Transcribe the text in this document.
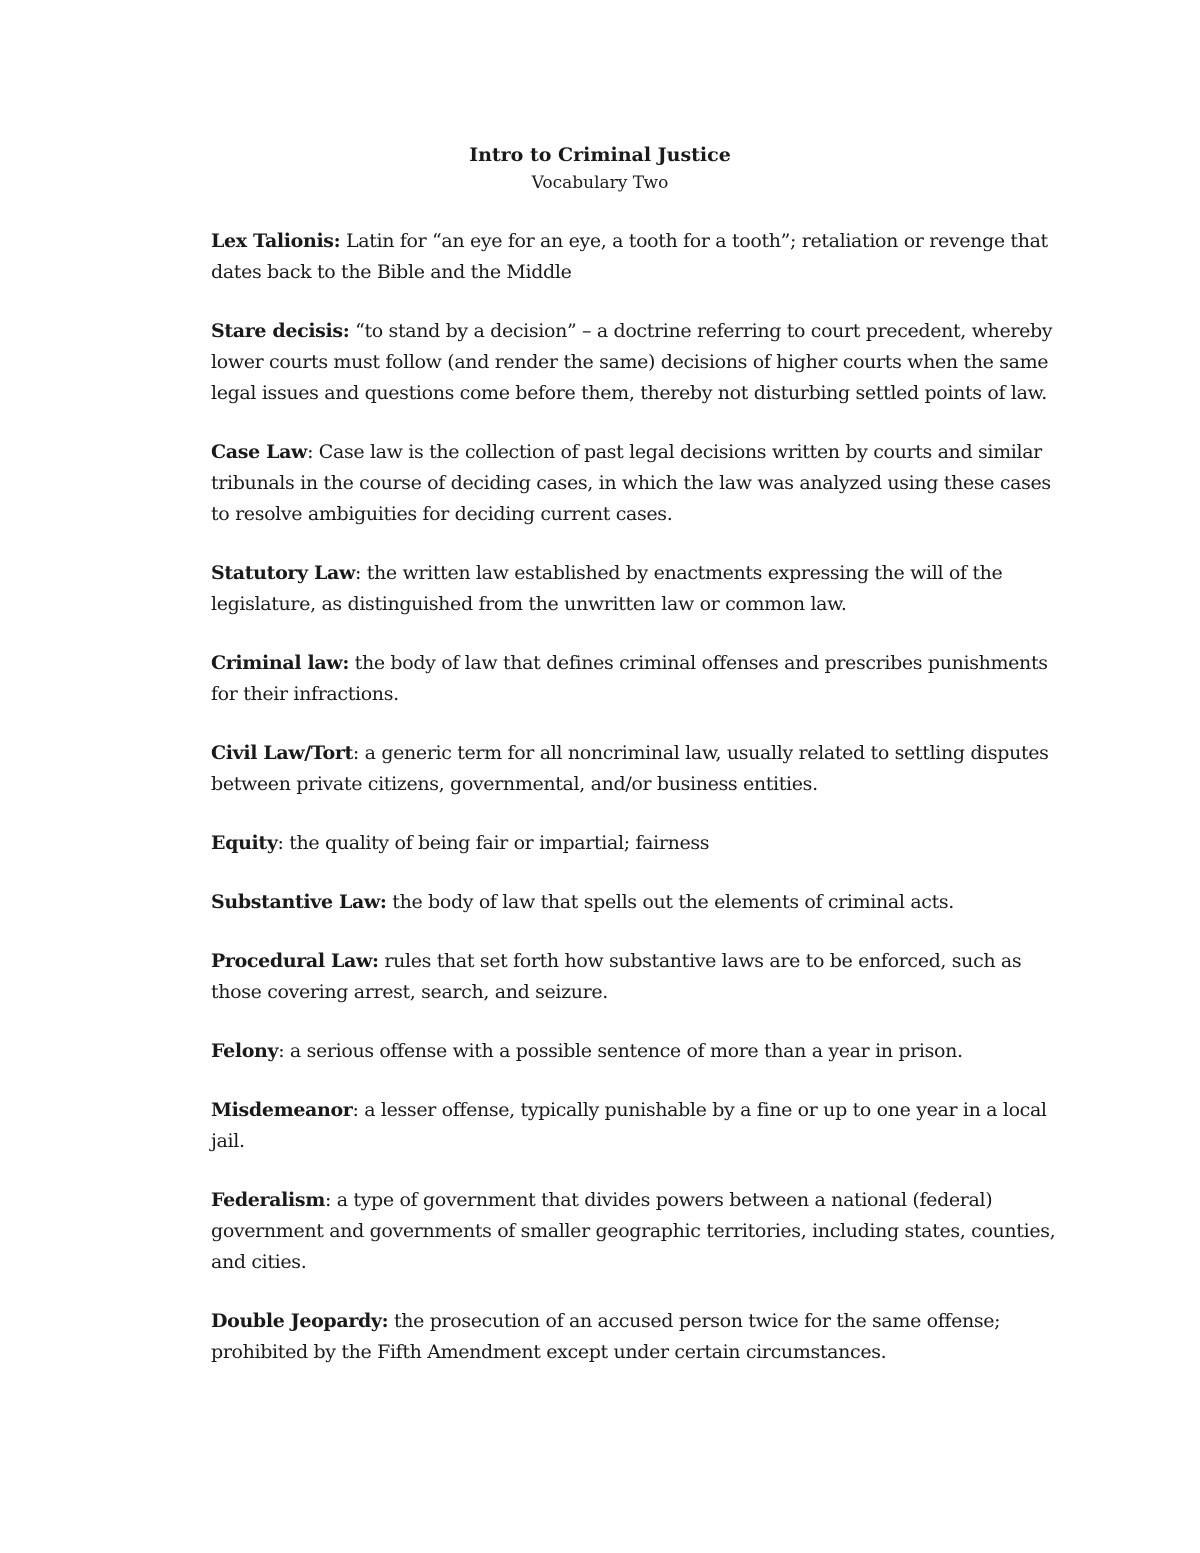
Intro to Criminal Justice

Vocabulary Two

Lex Talionis: Latin for “an eye for an eye, a tooth for a tooth”; retaliation or revenge that dates back to the Bible and the Middle

Stare decisis: “to stand by a decision” – a doctrine referring to court precedent, whereby lower courts must follow (and render the same) decisions of higher courts when the same legal issues and questions come before them, thereby not disturbing settled points of law.

Case Law: Case law is the collection of past legal decisions written by courts and similar tribunals in the course of deciding cases, in which the law was analyzed using these cases to resolve ambiguities for deciding current cases.

Statutory Law: the written law established by enactments expressing the will of the legislature, as distinguished from the unwritten law or common law.

Criminal law: the body of law that defines criminal offenses and prescribes punishments for their infractions.

Civil Law/Tort: a generic term for all noncriminal law, usually related to settling disputes between private citizens, governmental, and/or business entities.

Equity: the quality of being fair or impartial; fairness

Substantive Law: the body of law that spells out the elements of criminal acts.

Procedural Law: rules that set forth how substantive laws are to be enforced, such as those covering arrest, search, and seizure.

Felony: a serious offense with a possible sentence of more than a year in prison.

Misdemeanor: a lesser offense, typically punishable by a fine or up to one year in a local jail.

Federalism: a type of government that divides powers between a national (federal) government and governments of smaller geographic territories, including states, counties, and cities.

Double Jeopardy: the prosecution of an accused person twice for the same offense; prohibited by the Fifth Amendment except under certain circumstances.
